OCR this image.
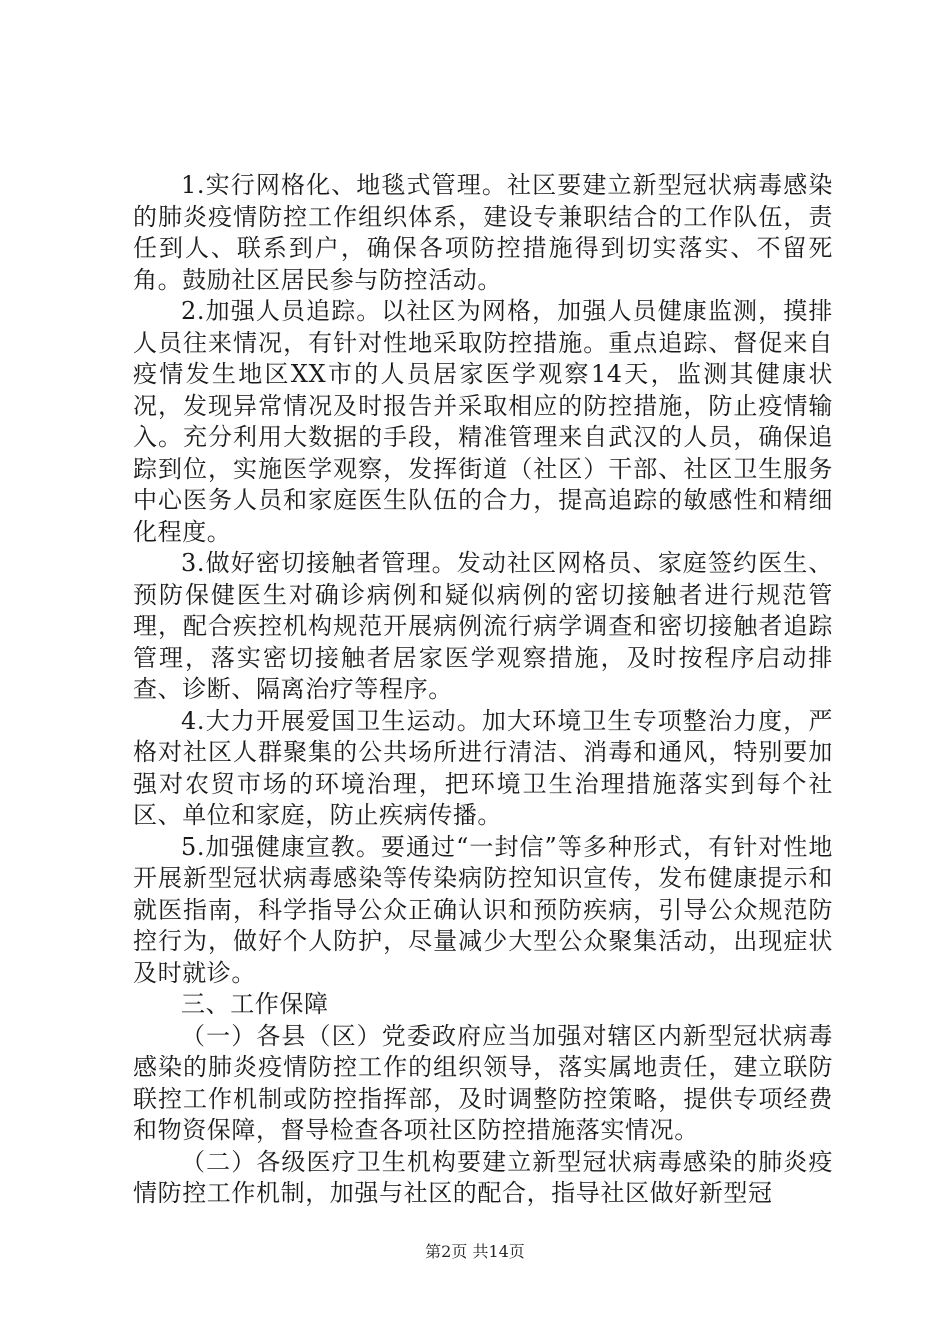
1.实行网格化、地毯式管理。社区要建立新型冠状病毒感染的肺炎疫情防控工作组织体系，建设专兼职结合的工作队伍，责任到人、联系到户，确保各项防控措施得到切实落实、不留死角。鼓励社区居民参与防控活动。

2.加强人员追踪。以社区为网格，加强人员健康监测，摸排人员往来情况，有针对性地采取防控措施。重点追踪、督促来自疫情发生地区XX市的人员居家医学观察14天，监测其健康状况，发现异常情况及时报告并采取相应的防控措施，防止疫情输入。充分利用大数据的手段，精准管理来自武汉的人员，确保追踪到位，实施医学观察，发挥街道（社区）干部、社区卫生服务中心医务人员和家庭医生队伍的合力，提高追踪的敏感性和精细化程度。

3.做好密切接触者管理。发动社区网格员、家庭签约医生、预防保健医生对确诊病例和疑似病例的密切接触者进行规范管理，配合疾控机构规范开展病例流行病学调查和密切接触者追踪管理，落实密切接触者居家医学观察措施，及时按程序启动排查、诊断、隔离治疗等程序。

4.大力开展爱国卫生运动。加大环境卫生专项整治力度，严格对社区人群聚集的公共场所进行清洁、消毒和通风，特别要加强对农贸市场的环境治理，把环境卫生治理措施落实到每个社区、单位和家庭，防止疾病传播。

5.加强健康宣教。要通过“一封信”等多种形式，有针对性地开展新型冠状病毒感染等传染病防控知识宣传，发布健康提示和就医指南，科学指导公众正确认识和预防疾病，引导公众规范防控行为，做好个人防护，尽量减少大型公众聚集活动，出现症状及时就诊。

三、工作保障

（一）各县（区）党委政府应当加强对辖区内新型冠状病毒感染的肺炎疫情防控工作的组织领导，落实属地责任，建立联防联控工作机制或防控指挥部，及时调整防控策略，提供专项经费和物资保障，督导检查各项社区防控措施落实情况。

（二）各级医疗卫生机构要建立新型冠状病毒感染的肺炎疫情防控工作机制，加强与社区的配合，指导社区做好新型冠

第2页 共14页
